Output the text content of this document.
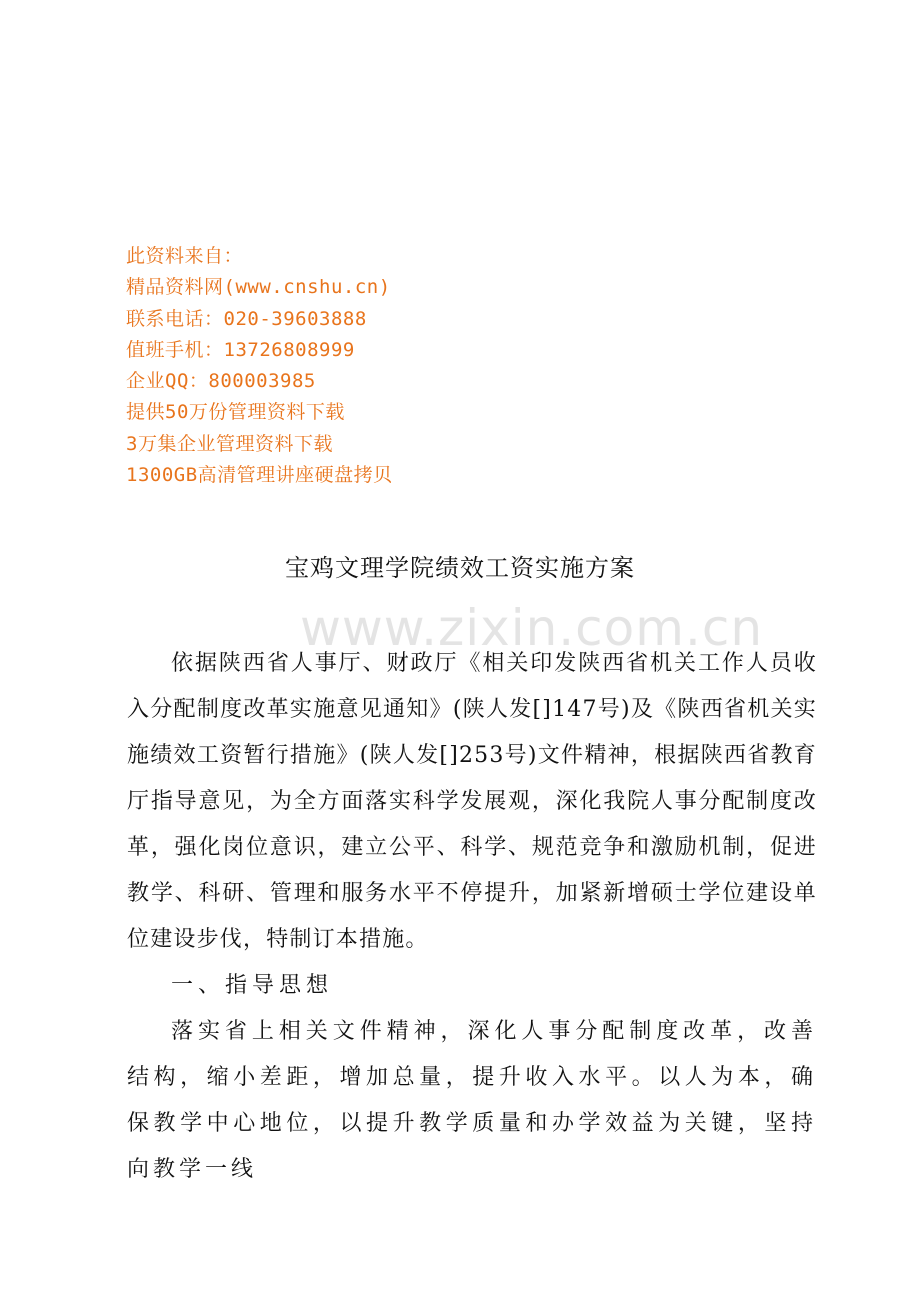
此资料来自：
精品资料网(www.cnshu.cn)
联系电话：020-39603888
值班手机：13726808999
企业QQ：800003985
提供50万份管理资料下载
3万集企业管理资料下载
1300GB高清管理讲座硬盘拷贝
宝鸡文理学院绩效工资实施方案
www.zixin.com.cn

依据陕西省人事厅、财政厅《相关印发陕西省机关工作人员收入分配制度改革实施意见通知》(陕人发[]147号)及《陕西省机关实施绩效工资暂行措施》(陕人发[]253号)文件精神，根据陕西省教育厅指导意见，为全方面落实科学发展观，深化我院人事分配制度改革，强化岗位意识，建立公平、科学、规范竞争和激励机制，促进教学、科研、管理和服务水平不停提升，加紧新增硕士学位建设单位建设步伐，特制订本措施。

一、指导思想

落实省上相关文件精神，深化人事分配制度改革，改善结构，缩小差距，增加总量，提升收入水平。以人为本，确保教学中心地位，以提升教学质量和办学效益为关键，坚持向教学一线
